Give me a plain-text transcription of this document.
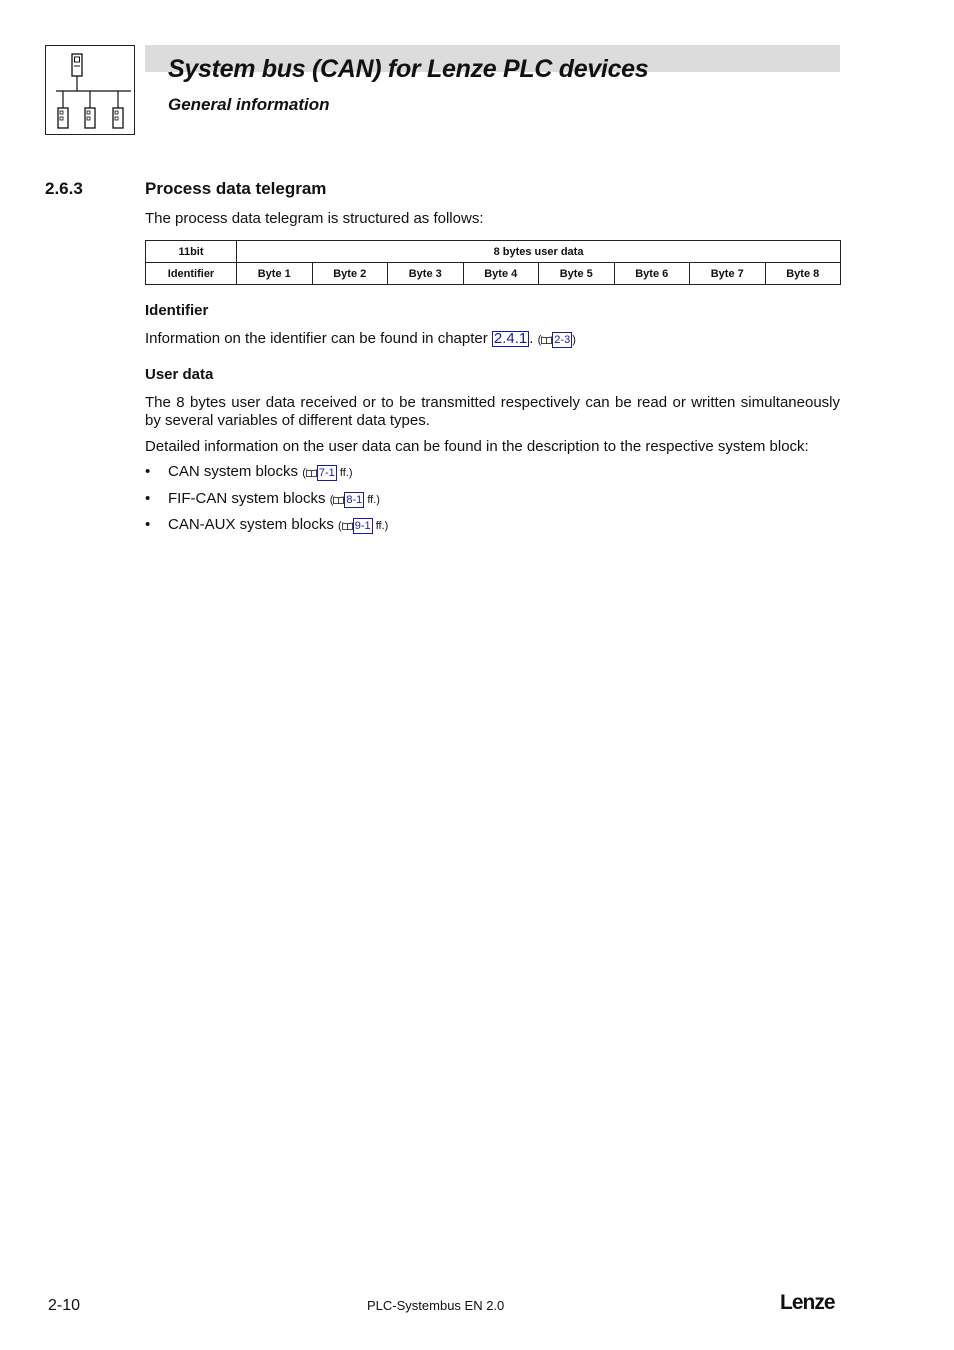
System bus (CAN) for Lenze PLC devices
General information
2.6.3	Process data telegram

The process data telegram is structured as follows:

11bit	8 bytes user data							
Identifier	Byte 1	Byte 2	Byte 3	Byte 4	Byte 5	Byte 6	Byte 7	Byte 8
Identifier

Information on the identifier can be found in chapter 2.4.1 . ( 2-3 )

User data

The 8 bytes user data received or to be transmitted respectively can be read or written simultaneously by several variables of different data types.

Detailed information on the user data can be found in the description to the respective system block:

• CAN system blocks ( 7-1 ff.)
• FIF-CAN system blocks ( 8-1 ff.)
• CAN-AUX system blocks ( 9-1 ff.)

2-10	PLC-Systembus EN 2.0	Lenze
